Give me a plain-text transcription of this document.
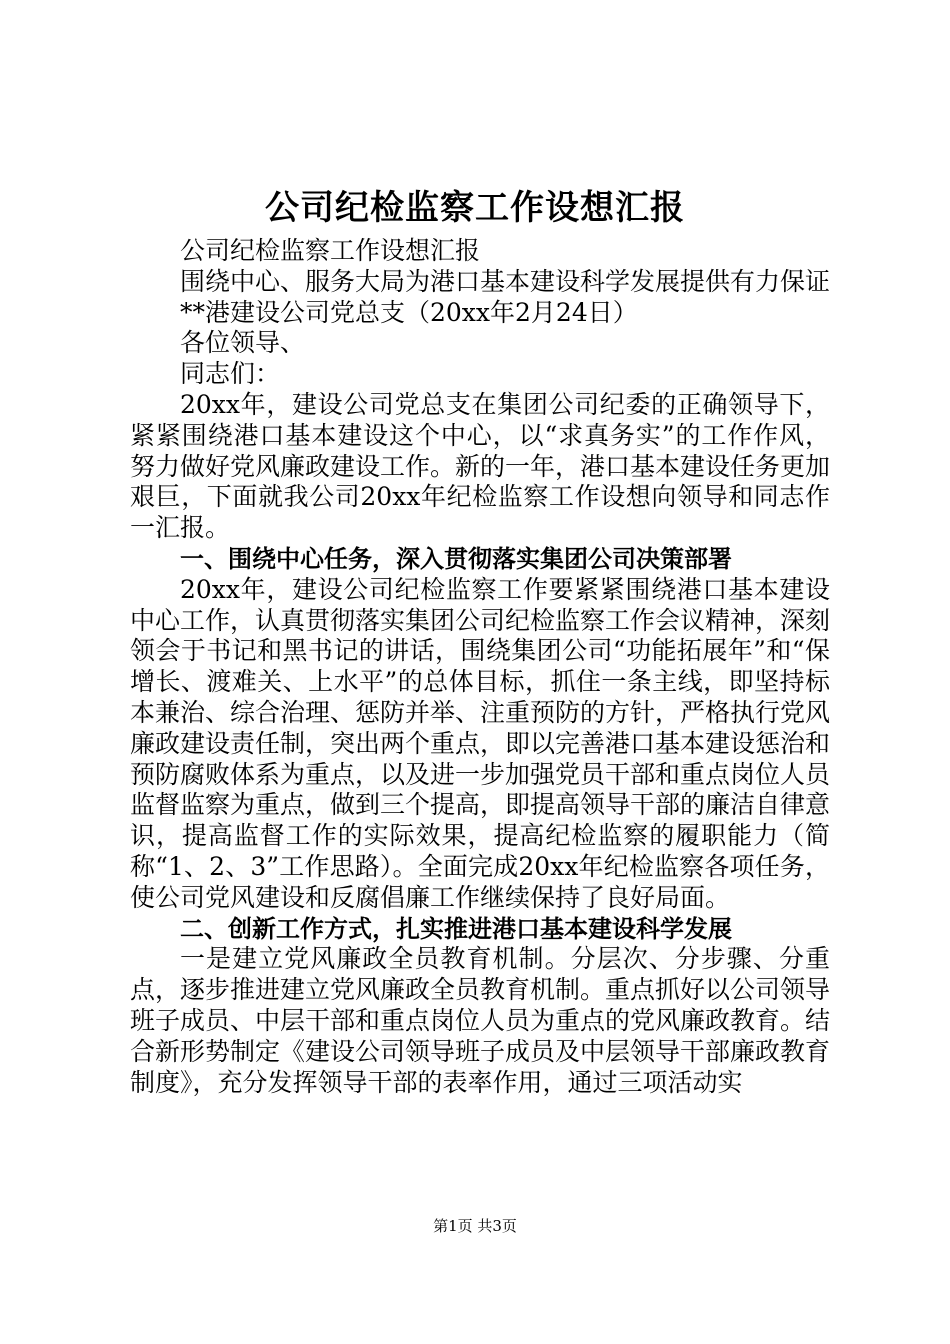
公司纪检监察工作设想汇报

公司纪检监察工作设想汇报

围绕中心、服务大局为港口基本建设科学发展提供有力保证

**港建设公司党总支（20xx年2月24日）

各位领导、

同志们：

20xx年，建设公司党总支在集团公司纪委的正确领导下，紧紧围绕港口基本建设这个中心，以“求真务实”的工作作风，努力做好党风廉政建设工作。新的一年，港口基本建设任务更加艰巨，下面就我公司20xx年纪检监察工作设想向领导和同志作一汇报。

一、围绕中心任务，深入贯彻落实集团公司决策部署

20xx年，建设公司纪检监察工作要紧紧围绕港口基本建设中心工作，认真贯彻落实集团公司纪检监察工作会议精神，深刻领会于书记和黑书记的讲话，围绕集团公司“功能拓展年”和“保增长、渡难关、上水平”的总体目标，抓住一条主线，即坚持标本兼治、综合治理、惩防并举、注重预防的方针，严格执行党风廉政建设责任制，突出两个重点，即以完善港口基本建设惩治和预防腐败体系为重点，以及进一步加强党员干部和重点岗位人员监督监察为重点，做到三个提高，即提高领导干部的廉洁自律意识，提高监督工作的实际效果，提高纪检监察的履职能力（简称“1、2、3”工作思路）。全面完成20xx年纪检监察各项任务，使公司党风建设和反腐倡廉工作继续保持了良好局面。

二、创新工作方式，扎实推进港口基本建设科学发展

一是建立党风廉政全员教育机制。分层次、分步骤、分重点，逐步推进建立党风廉政全员教育机制。重点抓好以公司领导班子成员、中层干部和重点岗位人员为重点的党风廉政教育。结合新形势制定《建设公司领导班子成员及中层领导干部廉政教育制度》，充分发挥领导干部的表率作用，通过三项活动实

第1页 共3页
